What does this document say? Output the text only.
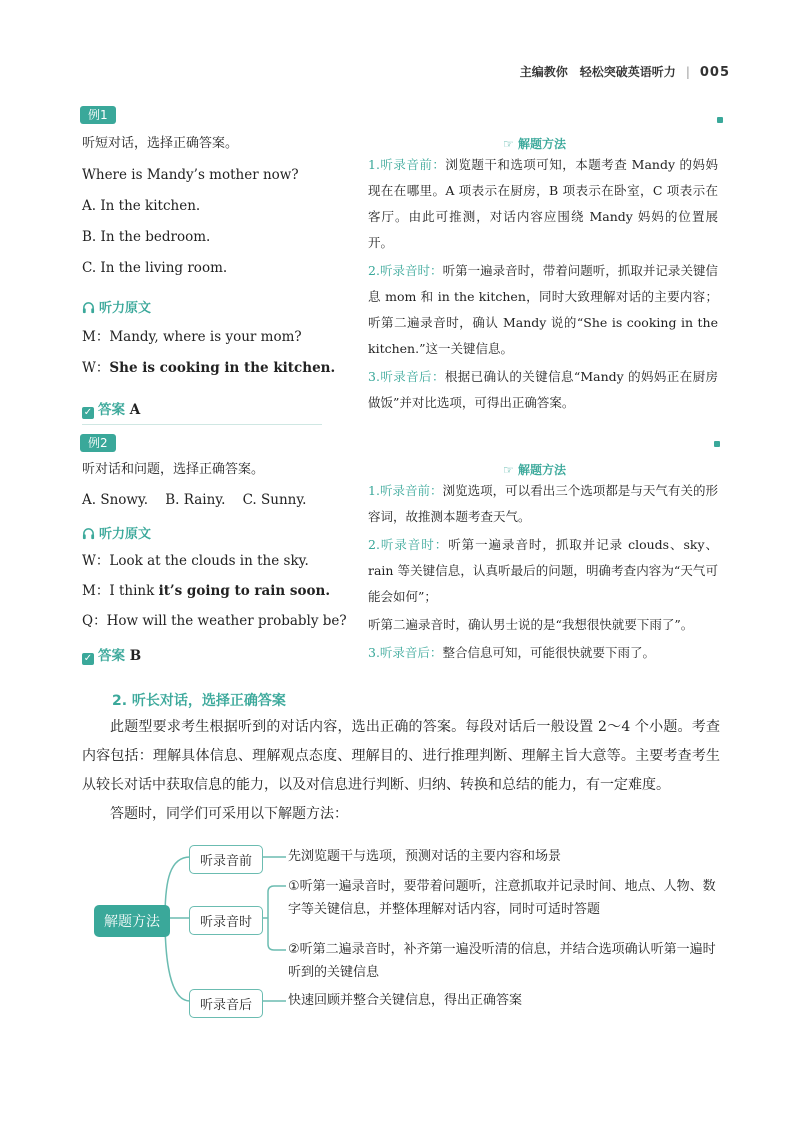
主编教你　轻松突破英语听力 | 005
例1
听短对话，选择正确答案。
Where is Mandy’s mother now?
A. In the kitchen.
B. In the bedroom.
C. In the living room.
听力原文
M：Mandy, where is your mom?
W：She is cooking in the kitchen.
✓ 答案 A
☞ 解题方法

1.听录音前：浏览题干和选项可知，本题考查 Mandy 的妈妈现在在哪里。A 项表示在厨房，B 项表示在卧室，C 项表示在客厅。由此可推测，对话内容应围绕 Mandy 妈妈的位置展开。

2.听录音时：听第一遍录音时，带着问题听，抓取并记录关键信息 mom 和 in the kitchen，同时大致理解对话的主要内容；听第二遍录音时，确认 Mandy 说的“She is cooking in the kitchen.”这一关键信息。

3.听录音后：根据已确认的关键信息“Mandy 的妈妈正在厨房做饭”并对比选项，可得出正确答案。

例2
听对话和问题，选择正确答案。
A. Snowy.    B. Rainy.    C. Sunny.
听力原文
W：Look at the clouds in the sky.
M：I think it’s going to rain soon.
Q：How will the weather probably be?
✓ 答案 B
☞ 解题方法

1.听录音前：浏览选项，可以看出三个选项都是与天气有关的形容词，故推测本题考查天气。

2.听录音时：听第一遍录音时，抓取并记录 clouds、sky、rain 等关键信息，认真听最后的问题，明确考查内容为“天气可能会如何”；

听第二遍录音时，确认男士说的是“我想很快就要下雨了”。

3.听录音后：整合信息可知，可能很快就要下雨了。

2. 听长对话，选择正确答案
此题型要求考生根据听到的对话内容，选出正确的答案。每段对话后一般设置 2～4 个小题。考查内容包括：理解具体信息、理解观点态度、理解目的、进行推理判断、理解主旨大意等。主要考查考生从较长对话中获取信息的能力，以及对信息进行判断、归纳、转换和总结的能力，有一定难度。
答题时，同学们可采用以下解题方法：
解题方法
听录音前
听录音时
听录音后
先浏览题干与选项，预测对话的主要内容和场景
①听第一遍录音时，要带着问题听，注意抓取并记录时间、地点、人物、数字等关键信息，并整体理解对话内容，同时可适时答题
②听第二遍录音时，补齐第一遍没听清的信息，并结合选项确认听第一遍时听到的关键信息
快速回顾并整合关键信息，得出正确答案
